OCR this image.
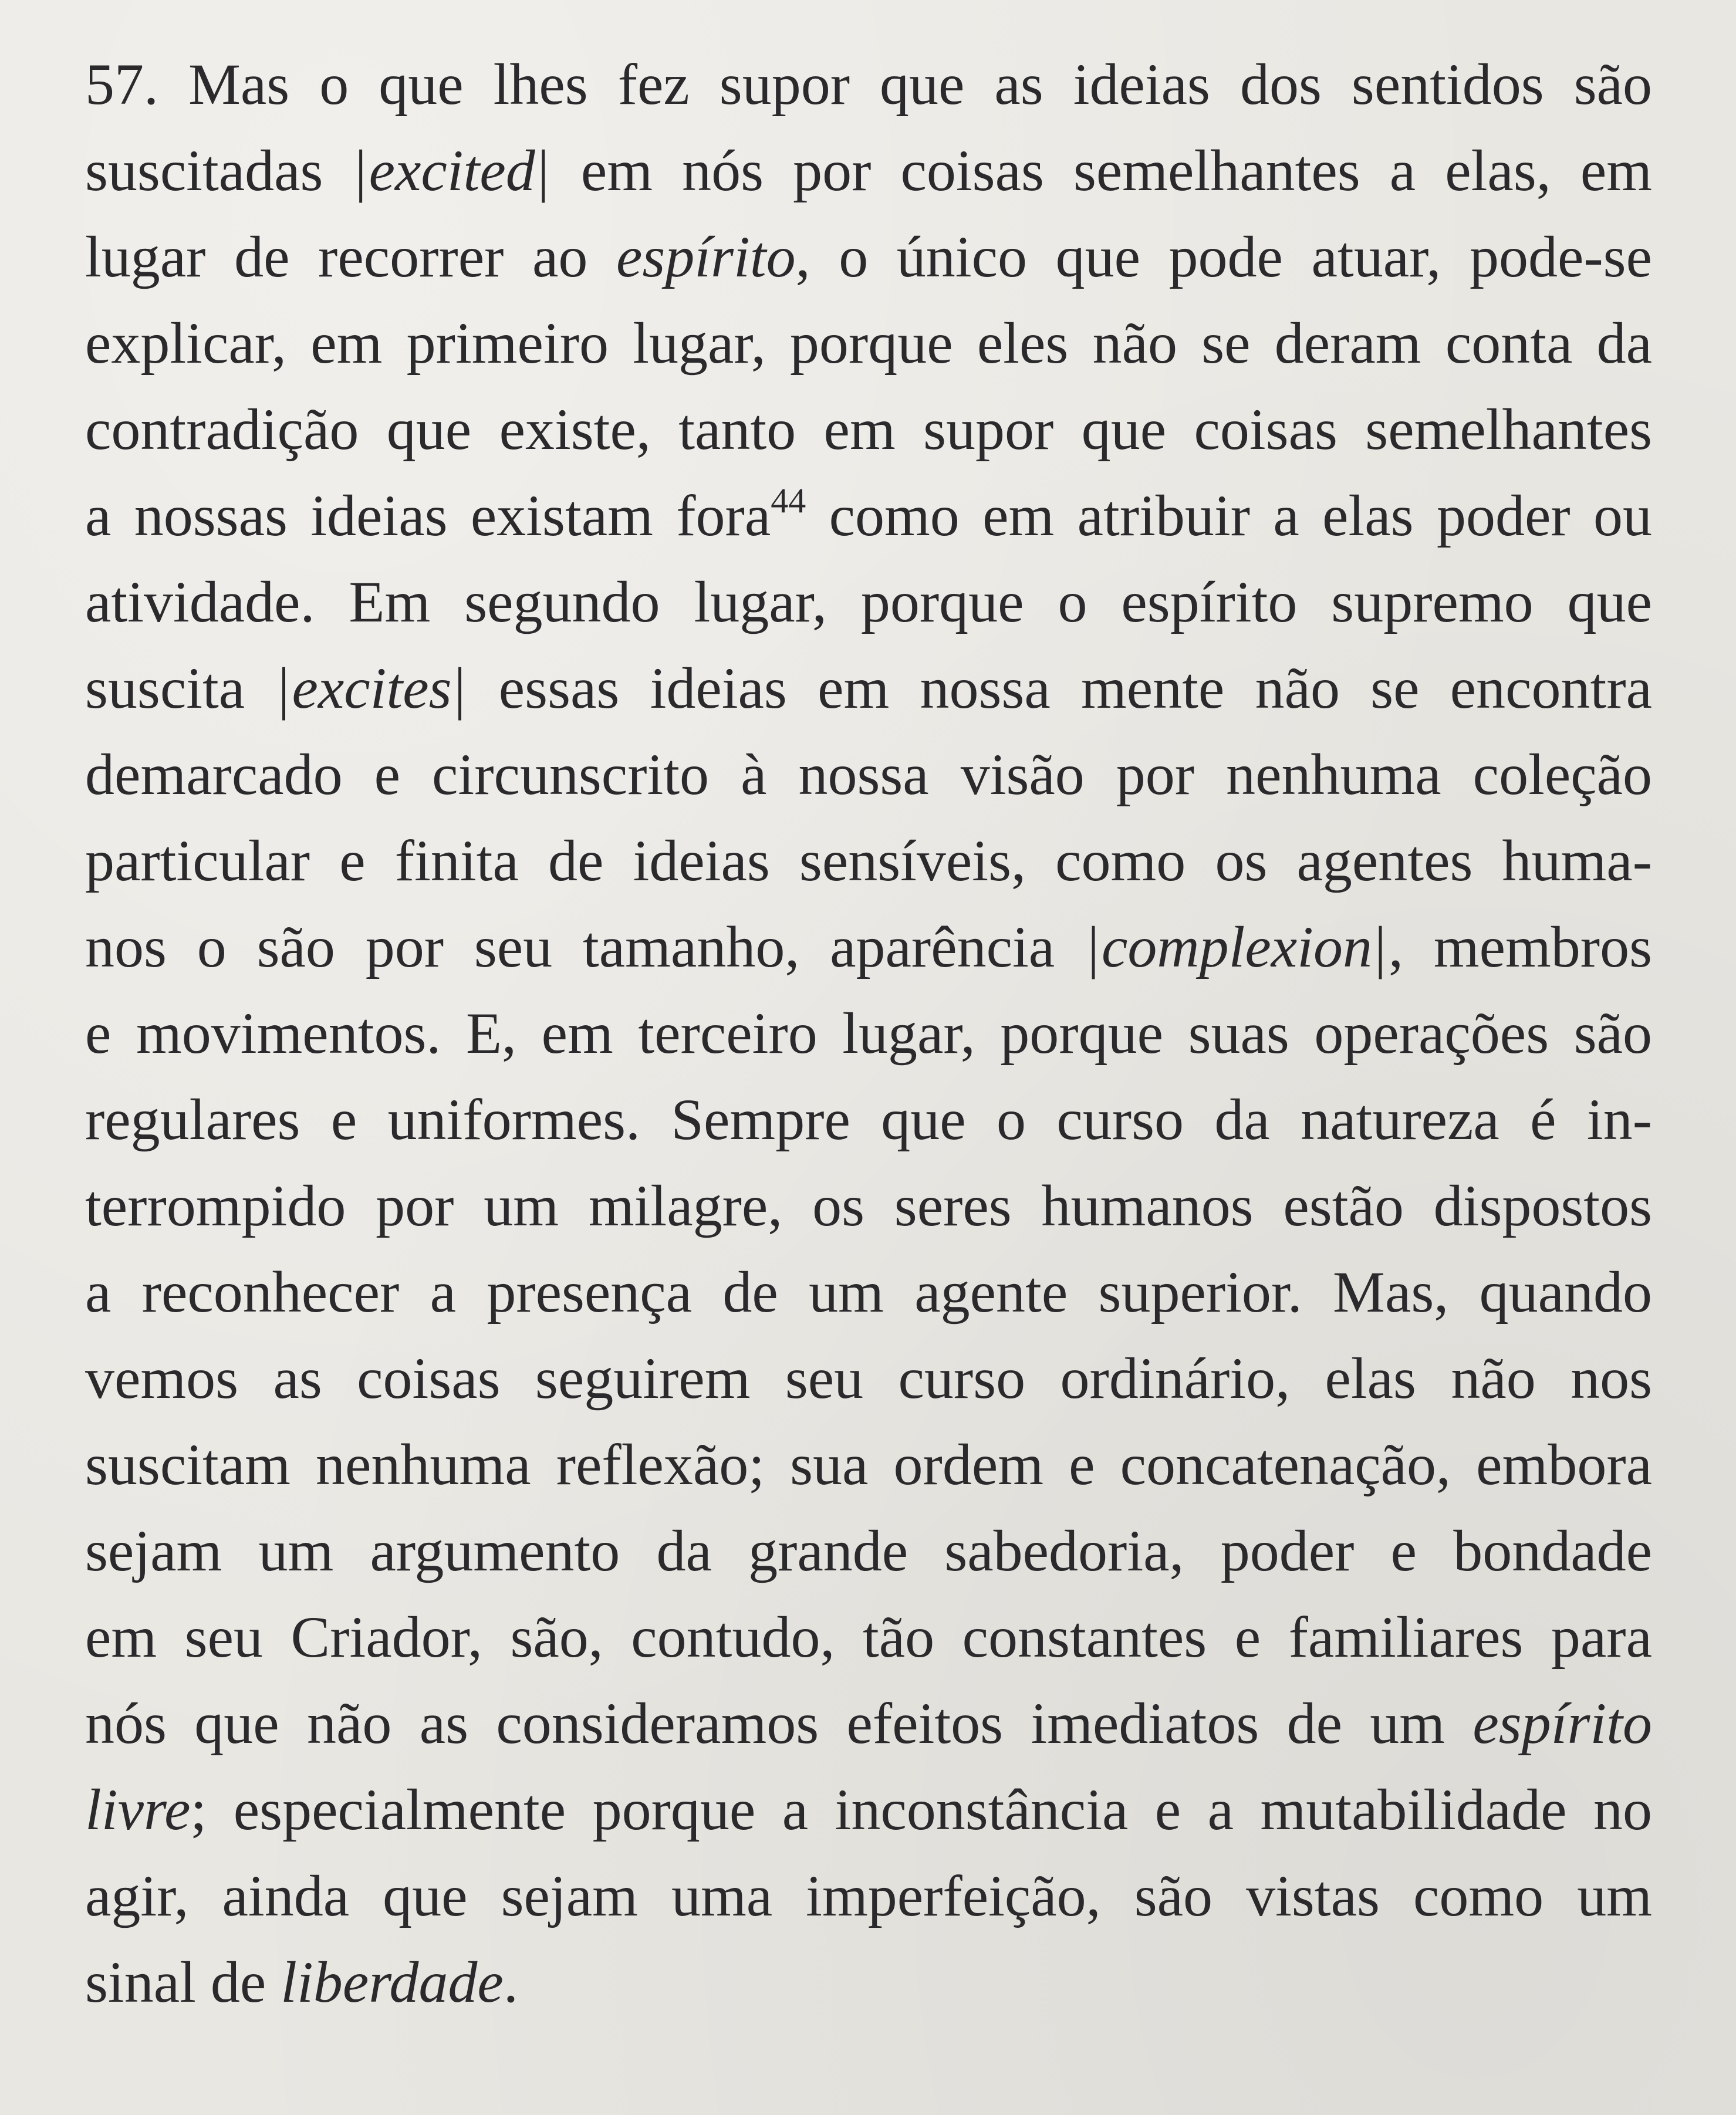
57. Mas o que lhes fez supor que as ideias dos sentidos são
suscitadas |excited| em nós por coisas semelhantes a elas, em
lugar de recorrer ao espírito, o único que pode atuar, pode-se
explicar, em primeiro lugar, porque eles não se deram conta da
contradição que existe, tanto em supor que coisas semelhantes
a nossas ideias existam fora$^{44}$ como em atribuir a elas poder ou
atividade. Em segundo lugar, porque o espírito supremo que
suscita |excites| essas ideias em nossa mente não se encontra
demarcado e circunscrito à nossa visão por nenhuma coleção
particular e finita de ideias sensíveis, como os agentes huma-
nos o são por seu tamanho, aparência |complexion|, membros
e movimentos. E, em terceiro lugar, porque suas operações são
regulares e uniformes. Sempre que o curso da natureza é in-
terrompido por um milagre, os seres humanos estão dispostos
a reconhecer a presença de um agente superior. Mas, quando
vemos as coisas seguirem seu curso ordinário, elas não nos
suscitam nenhuma reflexão; sua ordem e concatenação, embora
sejam um argumento da grande sabedoria, poder e bondade
em seu Criador, são, contudo, tão constantes e familiares para
nós que não as consideramos efeitos imediatos de um espírito
livre; especialmente porque a inconstância e a mutabilidade no
agir, ainda que sejam uma imperfeição, são vistas como um
sinal de liberdade.
